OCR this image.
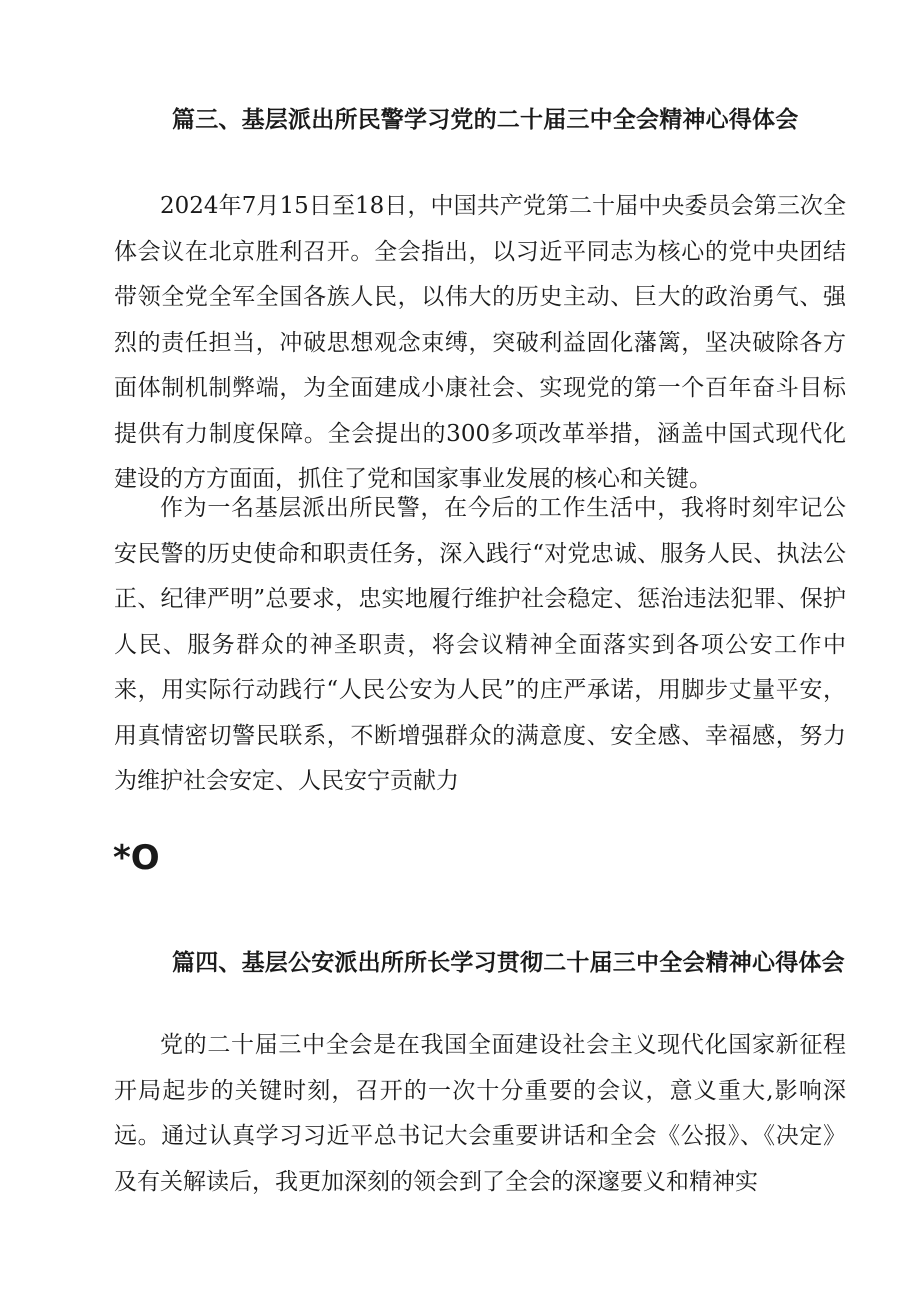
篇三、基层派出所民警学习党的二十届三中全会精神心得体会

2024年7月15日至18日，中国共产党第二十届中央委员会第三次全体会议在北京胜利召开。全会指出，以习近平同志为核心的党中央团结带领全党全军全国各族人民，以伟大的历史主动、巨大的政治勇气、强烈的责任担当，冲破思想观念束缚，突破利益固化藩篱，坚决破除各方面体制机制弊端，为全面建成小康社会、实现党的第一个百年奋斗目标提供有力制度保障。全会提出的300多项改革举措，涵盖中国式现代化建设的方方面面，抓住了党和国家事业发展的核心和关键。

作为一名基层派出所民警，在今后的工作生活中，我将时刻牢记公安民警的历史使命和职责任务，深入践行“对党忠诚、服务人民、执法公正、纪律严明”总要求，忠实地履行维护社会稳定、惩治违法犯罪、保护人民、服务群众的神圣职责，将会议精神全面落实到各项公安工作中来，用实际行动践行“人民公安为人民”的庄严承诺，用脚步丈量平安，用真情密切警民联系，不断增强群众的满意度、安全感、幸福感，努力为维护社会安定、人民安宁贡献力

*O
篇四、基层公安派出所所长学习贯彻二十届三中全会精神心得体会

党的二十届三中全会是在我国全面建设社会主义现代化国家新征程开局起步的关键时刻，召开的一次十分重要的会议，意义重大,影响深远。通过认真学习习近平总书记大会重要讲话和全会《公报》、《决定》及有关解读后，我更加深刻的领会到了全会的深邃要义和精神实
